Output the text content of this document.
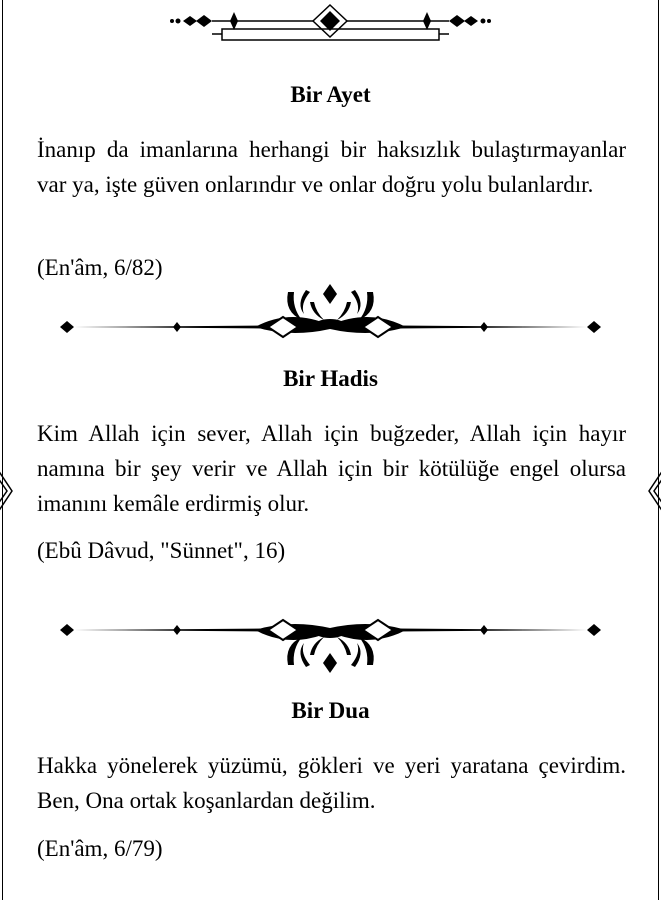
Bir Ayet
İnanıp da imanlarına herhangi bir haksızlık bulaştırmayanlar var ya, işte güven onlarındır ve onlar doğru yolu bulanlardır.
(En'âm, 6/82)
Bir Hadis
Kim Allah için sever, Allah için buğzeder, Allah için hayır namına bir şey verir ve Allah için bir kötülüğe engel olursa imanını kemâle erdirmiş olur.
(Ebû Dâvud, "Sünnet", 16)
Bir Dua
Hakka yönelerek yüzümü, gökleri ve yeri yaratana çevirdim. Ben, Ona ortak koşanlardan değilim.
(En'âm, 6/79)
